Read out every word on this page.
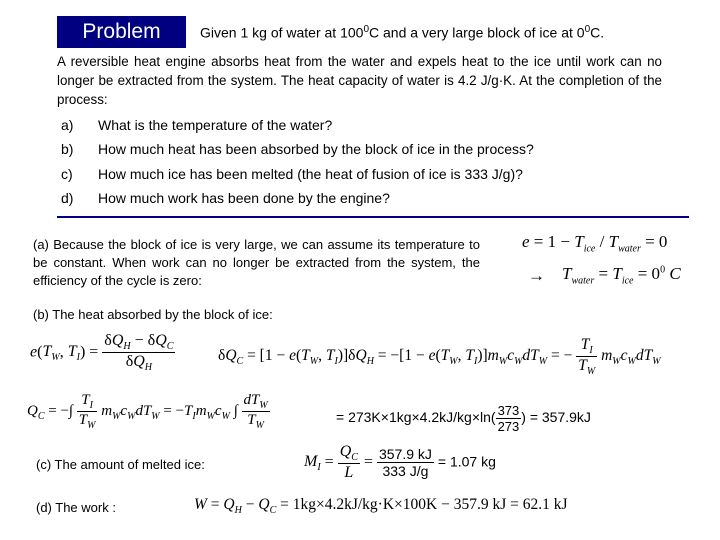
Problem	Given 1 kg of water at $100^0C$ and a very large block of ice at $0^0C$.
A reversible heat engine absorbs heat from the water and expels heat to the ice until work can no longer be extracted from the system. The heat capacity of water is 4.2 J/g·K. At the completion of the process:
a) What is the temperature of the water?
b) How much heat has been absorbed by the block of ice in the process?
c) How much ice has been melted (the heat of fusion of ice is 333 J/g)?
d) How much work has been done by the engine?
(a) Because the block of ice is very large, we can assume its temperature to be constant. When work can no longer be extracted from the system, the efficiency of the cycle is zero:
$e = 1 - T_{ice} / T_{water} = 0$
→ $T_{water} = T_{ice} = 0^0$ C
(b) The heat absorbed by the block of ice:
$e(T_W$, $T_I) = \frac{\delta Q_H - \delta Q_C}{\delta Q_H}$	$\delta Q_C = [1 - e(T_W$, $T_I)]\delta Q_H = -[1 - e(T_W$, $T_I)]m_Wc_WdT_W$ = − $\frac{T_I}{T_W} m_Wc_WdT_W$
$Q_C$ = −∫ $\frac{T_I}{T_W} m_Wc_WdT_W = -T_Im_Wc_W$ ∫ $\frac{dT_W}{T_W}$	= $273K\times 1kg\times 4.2kJ/kg\times\ln( \frac{373}{273}$ ) = 357.9kJ
(c) The amount of melted ice:	$M_I = \frac{Q_C}{L} = \frac{357.9 kJ}{333 J/g} = 1.07$ kg
(d) The work :	$W = Q_H - Q_C = 1kg\times 4.2kJ/kg\cdot K\times 100K - 357.9$ kJ = 62.1 kJ
